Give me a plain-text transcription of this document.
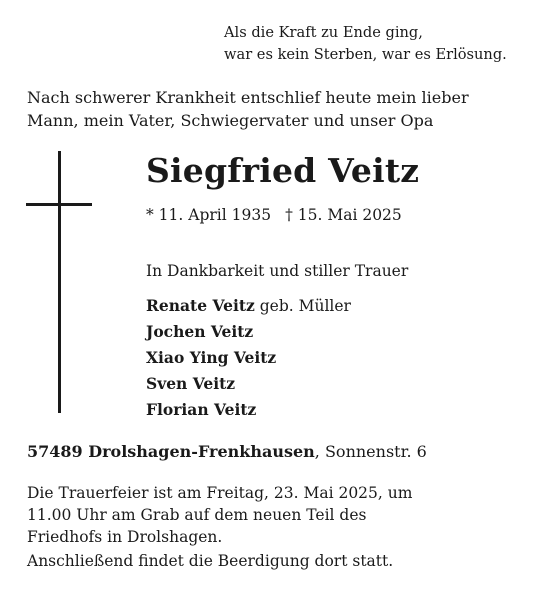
Als die Kraft zu Ende ging,
war es kein Sterben, war es Erlösung.
Nach schwerer Krankheit entschlief heute mein lieber
Mann, mein Vater, Schwiegervater und unser Opa
Siegfried Veitz
* 11. April 1935 † 15. Mai 2025
In Dankbarkeit und stiller Trauer
Renate Veitz geb. Müller
Jochen Veitz
Xiao Ying Veitz
Sven Veitz
Florian Veitz
57489 Drolshagen-Frenkhausen, Sonnenstr. 6
Die Trauerfeier ist am Freitag, 23. Mai 2025, um
11.00 Uhr am Grab auf dem neuen Teil des
Friedhofs in Drolshagen.
Anschließend findet die Beerdigung dort statt.
